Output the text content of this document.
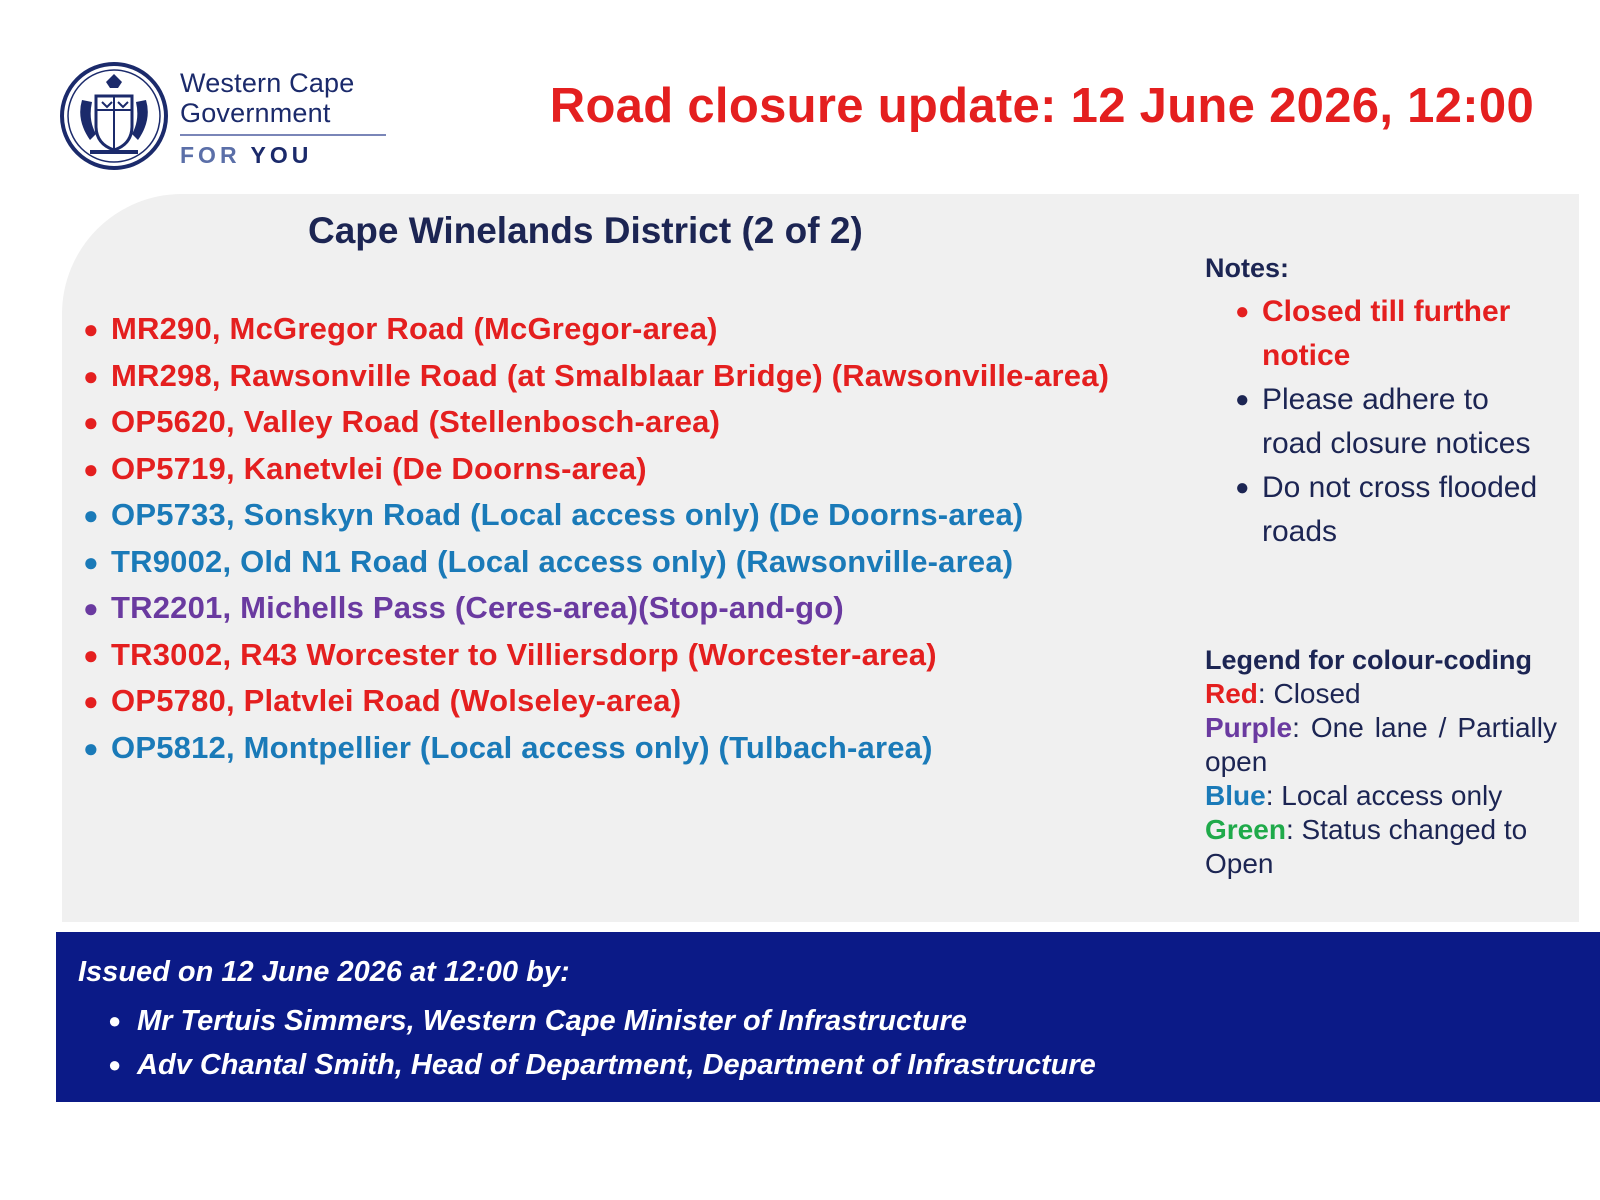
Western Cape
Government
FOR YOU
Road closure update: 12 June 2026, 12:00
Cape Winelands District (2 of 2)
● MR290, McGregor Road (McGregor-area)
● MR298, Rawsonville Road (at Smalblaar Bridge) (Rawsonville-area)
● OP5620, Valley Road (Stellenbosch-area)
● OP5719, Kanetvlei (De Doorns-area)
● OP5733, Sonskyn Road (Local access only) (De Doorns-area)
● TR9002, Old N1 Road (Local access only) (Rawsonville-area)
● TR2201, Michells Pass (Ceres-area)(Stop-and-go)
● TR3002, R43 Worcester to Villiersdorp (Worcester-area)
● OP5780, Platvlei Road (Wolseley-area)
● OP5812, Montpellier (Local access only) (Tulbach-area)
Notes:
● Closed till further notice
● Please adhere to road closure notices
● Do not cross flooded roads
Legend for colour-coding
Red: Closed
Purple: One lane / Partially open
Blue: Local access only
Green: Status changed to Open

Issued on 12 June 2026 at 12:00 by:

● Mr Tertuis Simmers, Western Cape Minister of Infrastructure
● Adv Chantal Smith, Head of Department, Department of Infrastructure
